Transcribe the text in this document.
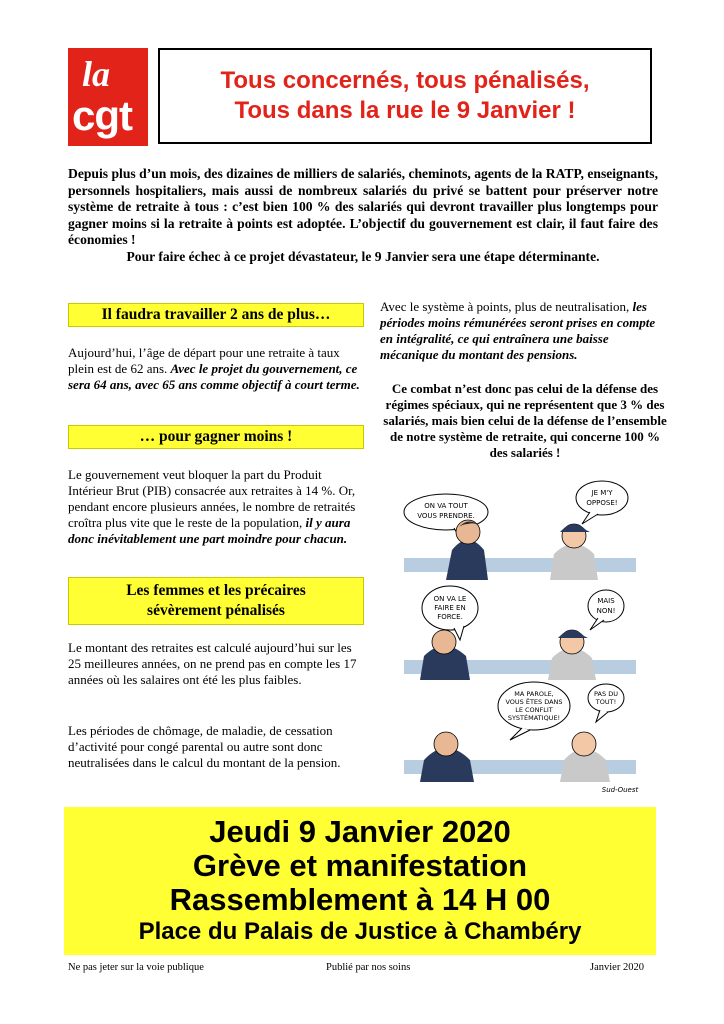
la
cgt
Tous concernés, tous pénalisés,
Tous dans la rue le 9 Janvier !

Depuis plus d’un mois, des dizaines de milliers de salariés, cheminots, agents de la RATP, enseignants, personnels hospitaliers, mais aussi de nombreux salariés du privé se battent pour préserver notre système de retraite à tous : c’est bien 100 % des salariés qui devront travailler plus longtemps pour gagner moins si la retraite à points est adoptée. L’objectif du gouvernement est clair, il faut faire des économies !

Pour faire échec à ce projet dévastateur, le 9 Janvier sera une étape déterminante.

Il faudra travailler 2 ans de plus…

Aujourd’hui, l’âge de départ pour une retraite à taux plein est de 62 ans. Avec le projet du gouvernement, ce sera 64 ans, avec 65 ans comme objectif à court terme.

… pour gagner moins !

Le gouvernement veut bloquer la part du Produit Intérieur Brut (PIB) consacrée aux retraites à 14 %. Or, pendant encore plusieurs années, le nombre de retraités croîtra plus vite que le reste de la population, il y aura donc inévitablement une part moindre pour chacun.

Les femmes et les précaires
sévèrement pénalisés

Le montant des retraites est calculé aujourd’hui sur les 25 meilleures années, on ne prend pas en compte les 17 années où les salaires ont été les plus faibles.

Les périodes de chômage, de maladie, de cessation d’activité pour congé parental ou autre sont donc neutralisées dans le calcul du montant de la pension.

Avec le système à points, plus de neutralisation, les périodes moins rémunérées seront prises en compte en intégralité, ce qui entraînera une baisse mécanique du montant des pensions.

Ce combat n’est donc pas celui de la défense des régimes spéciaux, qui ne représentent que 3 % des salariés, mais bien celui de la défense de l’ensemble de notre système de retraite, qui concerne 100 % des salariés !
ON VA TOUT
VOUS PRENDRE.
JE M'Y
OPPOSE!
ON VA LE
FAIRE EN
FORCE.
MAIS
NON!
MA PAROLE,
VOUS ÊTES DANS
LE CONFLIT
SYSTÉMATIQUE!
PAS DU
TOUT!
Sud-Ouest
Jeudi 9 Janvier 2020
Grève et manifestation
Rassemblement à 14 H 00
Place du Palais de Justice à Chambéry
Ne pas jeter sur la voie publique	Publié par nos soins	Janvier 2020
